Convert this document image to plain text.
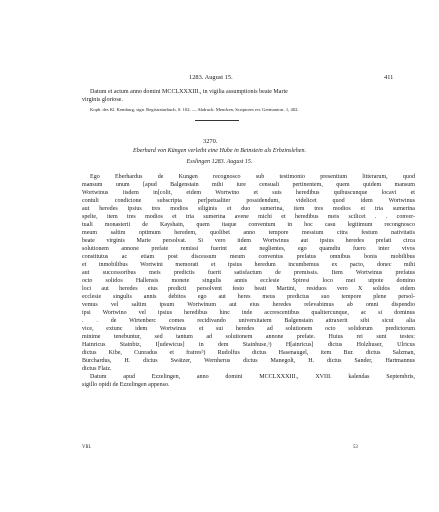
1283. August 15.	411

Datum et actum anno domini MCCLXXXIII., in vigilia assumptionis beate Marie

virginis gloriose.

Kopb. des Kl. Kemburg, sign. Registraturbuch, S. 102. — Abdruck: Mencken, Scriptores rer. Germanicar. 1, 402.

3270.

Eberhard von Küngen verleiht eine Hube in Beinstein als Erbzinslehen.

Esslingen 1283. August 15.

Ego Eberhardus de Kungen recognosco sub testimonio presentium litterarum, quod

mansum unum [apud Balgenstain mihi iure censuali pertinentem, quem quidem mansum

Wortwinus iisdem in[colit, eidem Wortwino et suis heredibus quibuscunque locavi et

contuli condicione subscripta per[petualiter possidendum, videlicet quod idem Wortwinus

aut heredes ipsius tres modios siliginis et duo sumerina, item tres modios et tria sumerina

spelte, item tres modios et tria sumerina avene michi et heredibus meis scilicet . . conver-

tuali monasterii de Kayshain, quem itaque conventum in hoc casu legitimum recongnosco

meum saltim optimum heredem, quolibet anno tempore messium citra festum nativitatis

beate virginis Marie persolvat. Si vero iidem Wortwinus aut ipsius heredes prefati circa

solutionem annone prefate remissi fuerint aut neglientes, ego quamdiu fuero inter vivos

constitutus ac etiam post discessum meum conventus prefatus omnibus bonis mobilibus

et inmobilibus Wortwini memorati et ipsius heredum incumbemus ex pacto, donec mihi

aut successoribus meis predictis fuerit satisfactum de premissis. Item Wortwinus prefatus

octo solidos Hallensis monete singulis annis ecclesie Spiresi loco mei utpote domino

loci aut heredes eius predicti persolvent festo beati Martini, residuos vero X solidos eidem

ecclesie singulis annis debitos ego aut heres meus predictus suo tempore plene persol-

vemus vel saltim ipsum Wortwinum aut eius heredes relevabimus ab omni dispendio

ipsi Wortwino vel ipsius heredibus hinc inde accrescentibus qualitercunque, ac si dominus

. . de Wirtenberc comes recidivando universitatem Balgenstain attraxerit sibi sicut alia

vice, extunc idem Wortwinus et sui heredes ad solutionem octo solidorum predictorum

minime tenebuntur, sed tantum ad solutionem annone prefate. Huius rei sunt testes:

Hainricus Stainbiz, I[udewicus] in dem Stainhuse,ᵃ) H[ainricus] dictus Holzhuser, Ulricus

dictus Kibe, Cunradus et fratresᵇ) Rudolfus dictus Hasenaugel, item Bur. dictus Salzman,

Burchardus, H. dictus Swätzer, Wernherus dictus Manegolt, H. dictus Sander, Hartmannus

dictus Flaiz.

Datum apud Ezzelingen, anno domini MCCLXXXIII., XVIII. kalendas Septembris,

sigillo opidi de Ezzelingen appenso.

VIII.	53
